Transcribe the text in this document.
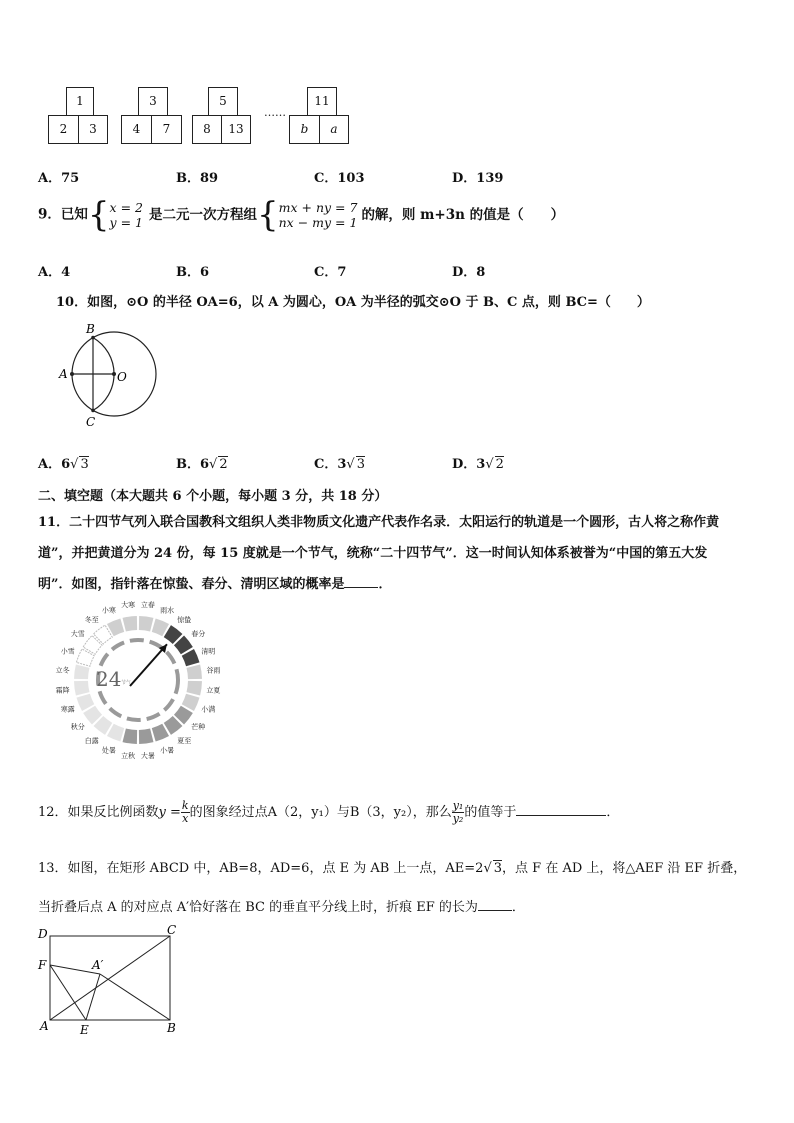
1
2	3
3
4	7
5
8	13
……
11
b	a
A．75	B．89	C．103	D．139
9．已知{x = 2
y = 1 是二元一次方程组{mx + ny = 7
nx − my = 1 的解，则 m+3n 的值是（　　）
A．4	B．6	C．7	D．8
10．如图，⊙O 的半径 OA=6，以 A 为圆心，OA 为半径的弧交⊙O 于 B、C 点，则 BC=（　　）
B
A	O
C
A．6√ 3	B．6√ 2	C．3√ 3	D．3√ 2
二、填空题（本大题共 6 个小题，每小题 3 分，共 18 分）
11．二十四节气列入联合国教科文组织人类非物质文化遗产代表作名录．太阳运行的轨道是一个圆形，古人将之称作黄
道”，并把黄道分为 24 份，每 15 度就是一个节气，统称“二十四节气”．这一时间认知体系被誉为“中国的第五大发
明”．如图，指针落在惊蛰、春分、清明区域的概率是	．
24 节气
冬至
小寒
大寒 立春
雨水
惊蛰
春分
清明
谷雨
立夏
小满
芒种
夏至
小暑
大暑
立秋
处暑
白露
秋分
寒露
霜降
立冬
小雪
大雪
12．如果反比例函数$y = \frac{k}{x}$ 的图象经过点A（2，y₁）与B（3，y₂），那么 $\frac{\text{y₁}}{\text{y₂}}$ 的值等于	．
13．如图，在矩形 ABCD 中，AB=8，AD=6，点 E 为 AB 上一点，AE=2√ 3，点 F 在 AD 上，将△AEF 沿 EF 折叠，
当折叠后点 A 的对应点 A′恰好落在 BC 的垂直平分线上时，折痕 EF 的长为	．
D	C
F	A′
A	E	B
